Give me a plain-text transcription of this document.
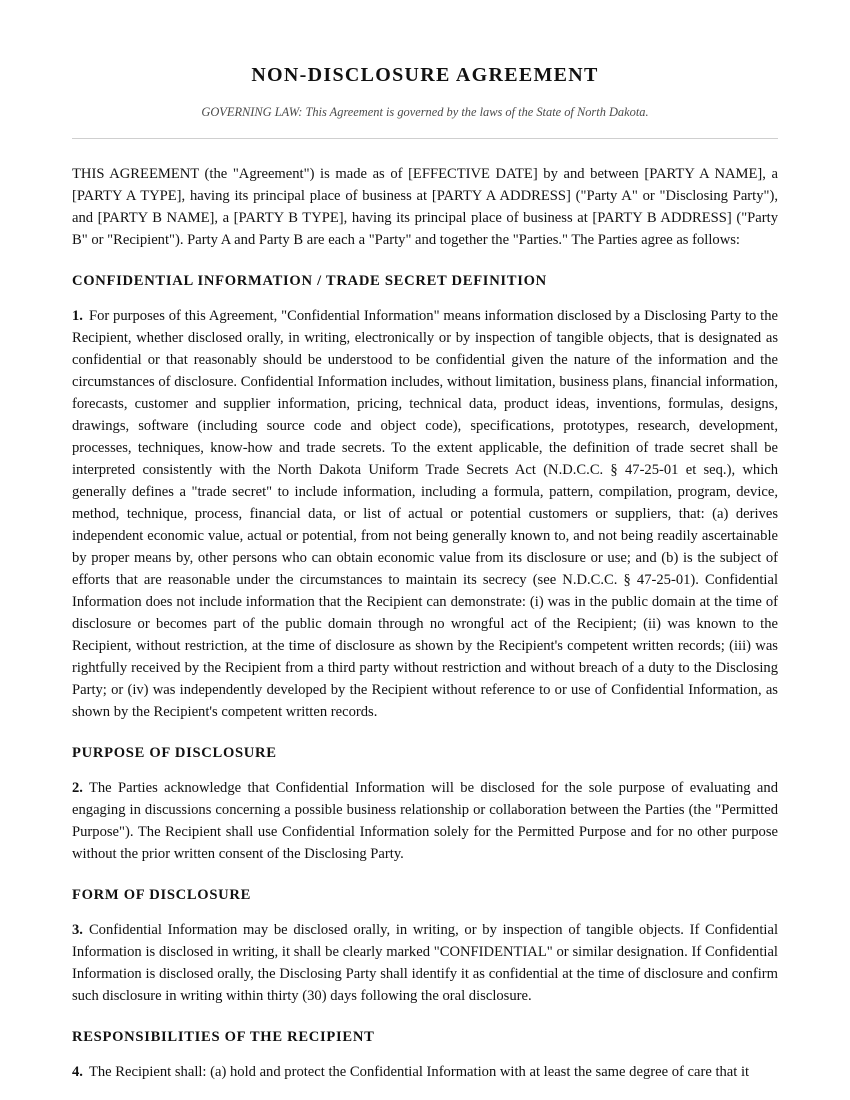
NON-DISCLOSURE AGREEMENT

GOVERNING LAW: This Agreement is governed by the laws of the State of North Dakota.

THIS AGREEMENT (the "Agreement") is made as of [EFFECTIVE DATE] by and between [PARTY A NAME], a [PARTY A TYPE], having its principal place of business at [PARTY A ADDRESS] ("Party A" or "Disclosing Party"), and [PARTY B NAME], a [PARTY B TYPE], having its principal place of business at [PARTY B ADDRESS] ("Party B" or "Recipient"). Party A and Party B are each a "Party" and together the "Parties." The Parties agree as follows:

CONFIDENTIAL INFORMATION / TRADE SECRET DEFINITION

1. For purposes of this Agreement, "Confidential Information" means information disclosed by a Disclosing Party to the Recipient, whether disclosed orally, in writing, electronically or by inspection of tangible objects, that is designated as confidential or that reasonably should be understood to be confidential given the nature of the information and the circumstances of disclosure. Confidential Information includes, without limitation, business plans, financial information, forecasts, customer and supplier information, pricing, technical data, product ideas, inventions, formulas, designs, drawings, software (including source code and object code), specifications, prototypes, research, development, processes, techniques, know-how and trade secrets. To the extent applicable, the definition of trade secret shall be interpreted consistently with the North Dakota Uniform Trade Secrets Act (N.D.C.C. § 47-25-01 et seq.), which generally defines a "trade secret" to include information, including a formula, pattern, compilation, program, device, method, technique, process, financial data, or list of actual or potential customers or suppliers, that: (a) derives independent economic value, actual or potential, from not being generally known to, and not being readily ascertainable by proper means by, other persons who can obtain economic value from its disclosure or use; and (b) is the subject of efforts that are reasonable under the circumstances to maintain its secrecy (see N.D.C.C. § 47-25-01). Confidential Information does not include information that the Recipient can demonstrate: (i) was in the public domain at the time of disclosure or becomes part of the public domain through no wrongful act of the Recipient; (ii) was known to the Recipient, without restriction, at the time of disclosure as shown by the Recipient's competent written records; (iii) was rightfully received by the Recipient from a third party without restriction and without breach of a duty to the Disclosing Party; or (iv) was independently developed by the Recipient without reference to or use of Confidential Information, as shown by the Recipient's competent written records.

PURPOSE OF DISCLOSURE

2. The Parties acknowledge that Confidential Information will be disclosed for the sole purpose of evaluating and engaging in discussions concerning a possible business relationship or collaboration between the Parties (the "Permitted Purpose"). The Recipient shall use Confidential Information solely for the Permitted Purpose and for no other purpose without the prior written consent of the Disclosing Party.

FORM OF DISCLOSURE

3. Confidential Information may be disclosed orally, in writing, or by inspection of tangible objects. If Confidential Information is disclosed in writing, it shall be clearly marked "CONFIDENTIAL" or similar designation. If Confidential Information is disclosed orally, the Disclosing Party shall identify it as confidential at the time of disclosure and confirm such disclosure in writing within thirty (30) days following the oral disclosure.

RESPONSIBILITIES OF THE RECIPIENT

4. The Recipient shall: (a) hold and protect the Confidential Information with at least the same degree of care that it
